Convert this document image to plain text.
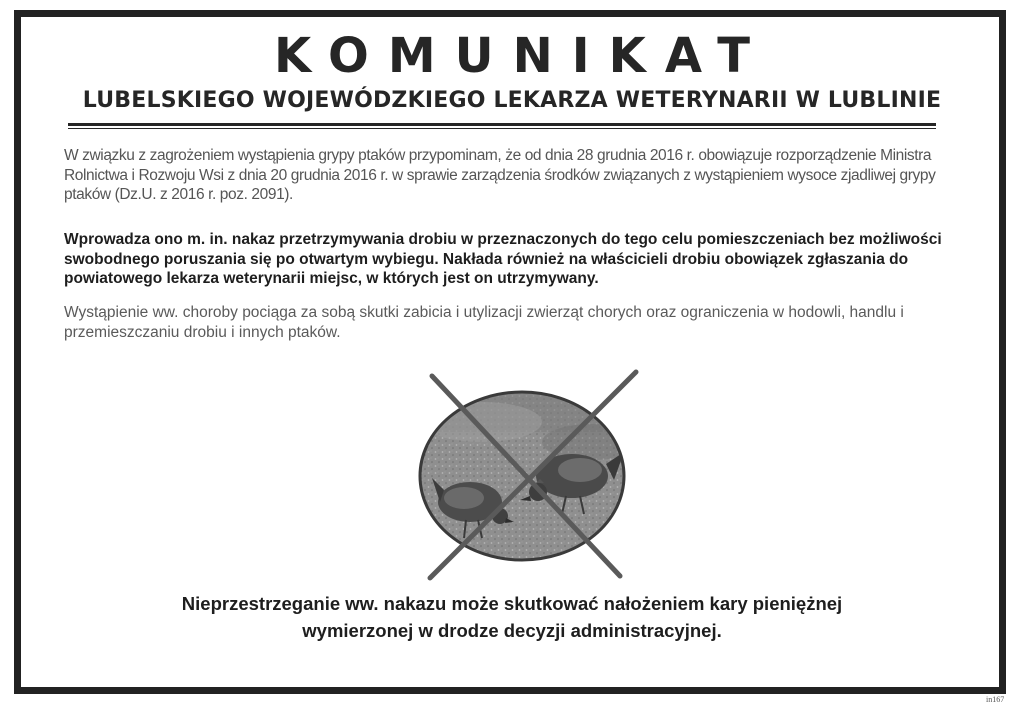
KOMUNIKAT
LUBELSKIEGO WOJEWÓDZKIEGO LEKARZA WETERYNARII W LUBLINIE

W związku z zagrożeniem wystąpienia grypy ptaków przypominam, że od dnia 28 grudnia 2016 r. obowiązuje rozporządzenie Ministra Rolnictwa i Rozwoju Wsi z dnia 20 grudnia 2016 r. w sprawie zarządzenia środków związanych z wystąpieniem wysoce zjadliwej grypy ptaków (Dz.U. z 2016 r. poz. 2091).

Wprowadza ono m. in. nakaz przetrzymywania drobiu w przeznaczonych do tego celu pomieszczeniach bez możliwości swobodnego poruszania się po otwartym wybiegu. Nakłada również na właścicieli drobiu obowiązek zgłaszania do powiatowego lekarza weterynarii miejsc, w których jest on utrzymywany.

Wystąpienie ww. choroby pociąga za sobą skutki zabicia i utylizacji zwierząt chorych oraz ograniczenia w hodowli, handlu i przemieszczaniu drobiu i innych ptaków.

Nieprzestrzeganie ww. nakazu może skutkować nałożeniem kary pieniężnej
wymierzonej w drodze decyzji administracyjnej.
in167
